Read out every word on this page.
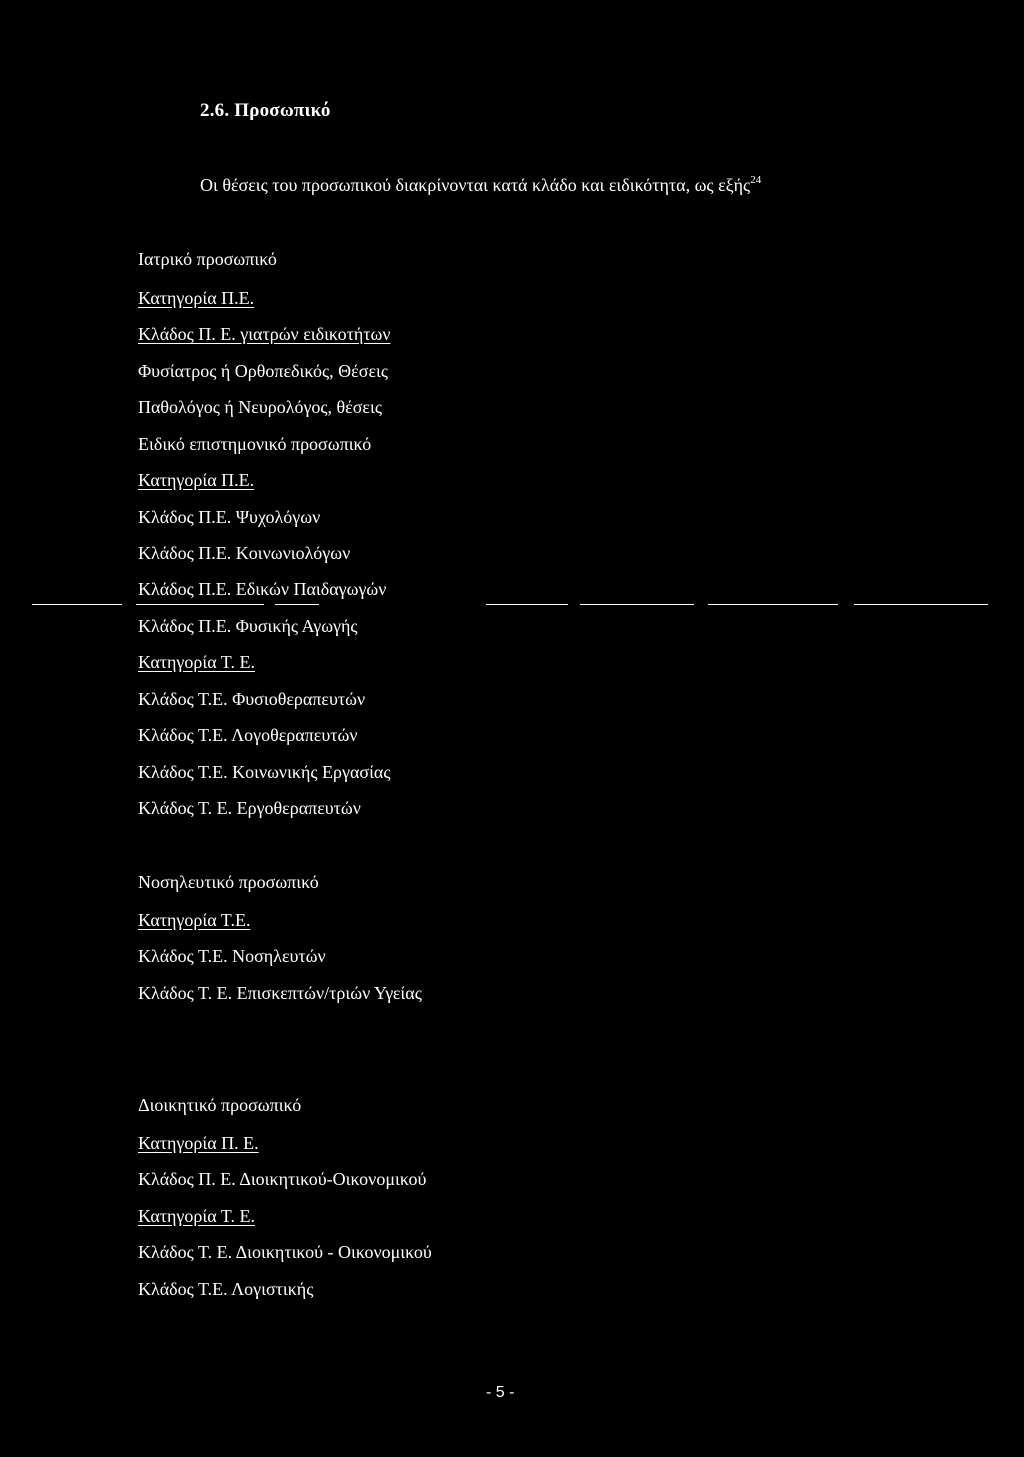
2.6. Προσωπικό

Οι θέσεις του προσωπικού διακρίνονται κατά κλάδο και ειδικότητα, ως εξής$^{24}$

Ιατρικό προσωπικό
Κατηγορία Π.Ε.
Κλάδος Π. Ε. γιατρών ειδικοτήτων
Φυσίατρος ή Ορθοπεδικός, Θέσεις
Παθολόγος ή Νευρολόγος, θέσεις
Ειδικό επιστημονικό προσωπικό
Κατηγορία Π.Ε.
Κλάδος Π.Ε. Ψυχολόγων
Κλάδος Π.Ε. Κοινωνιολόγων
Κλάδος Π.Ε. Εδικών Παιδαγωγών
Κλάδος Π.Ε. Φυσικής Αγωγής
Κατηγορία Τ. Ε.
Κλάδος Τ.Ε. Φυσιοθεραπευτών
Κλάδος Τ.Ε. Λογοθεραπευτών
Κλάδος Τ.Ε. Κοινωνικής Εργασίας
Κλάδος Τ. Ε. Εργοθεραπευτών
Νοσηλευτικό προσωπικό
Κατηγορία Τ.Ε.
Κλάδος Τ.Ε. Νοσηλευτών
Κλάδος Τ. Ε. Επισκεπτών/τριών Υγείας
Διοικητικό προσωπικό
Κατηγορία Π. Ε.
Κλάδος Π. Ε. Διοικητικού-Οικονομικού
Κατηγορία Τ. Ε.
Κλάδος Τ. Ε. Διοικητικού - Οικονομικού
Κλάδος Τ.Ε. Λογιστικής
- 5 -
